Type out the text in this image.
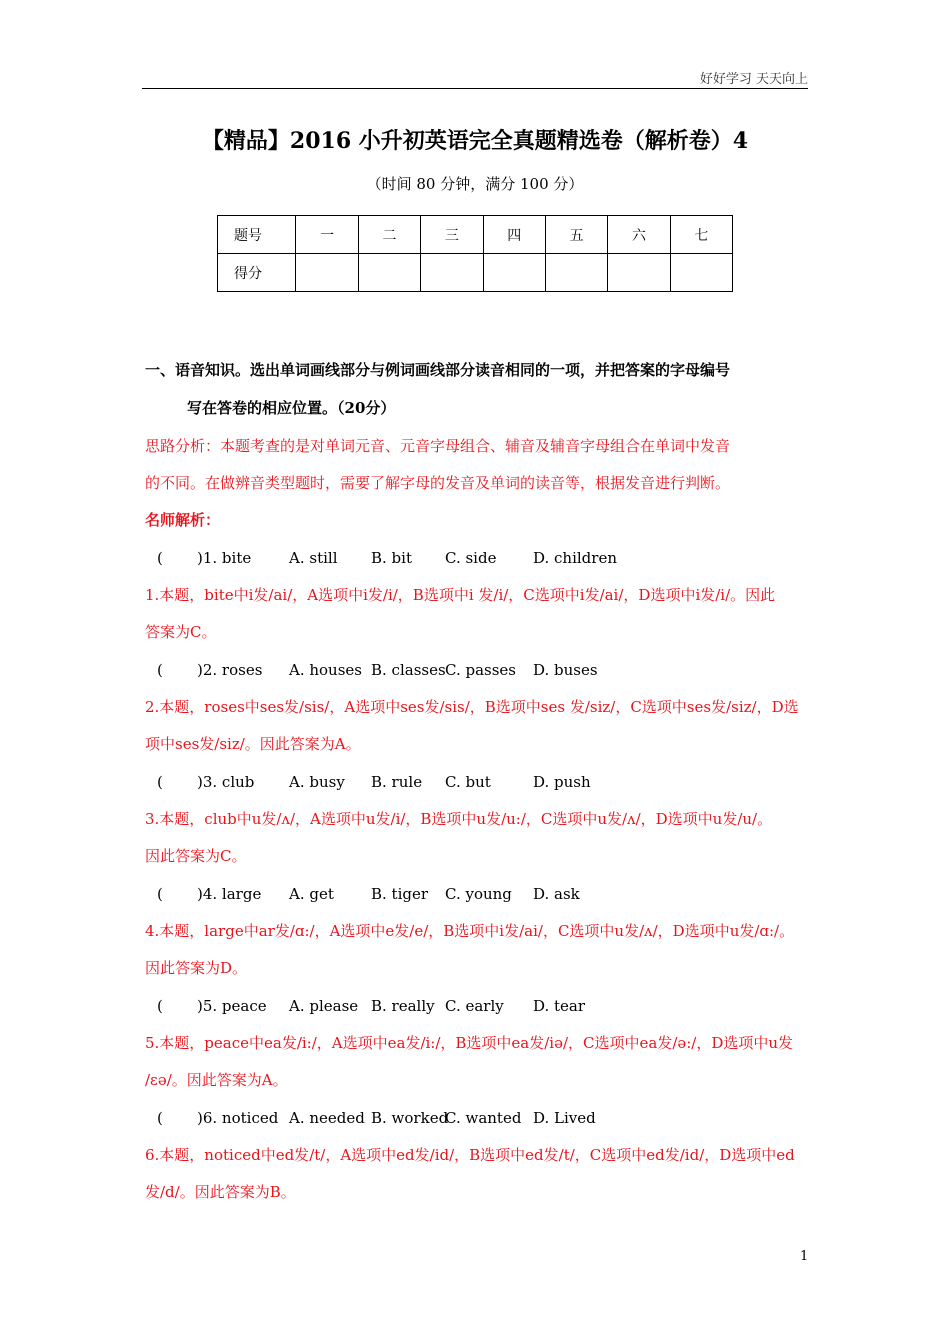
好好学习 天天向上
【精品】2016 小升初英语完全真题精选卷（解析卷）4
（时间 80 分钟，满分 100 分）
题号	一	二	三	四	五	六	七
得分							
一、语音知识。选出单词画线部分与例词画线部分读音相同的一项，并把答案的字母编号
写在答卷的相应位置。（20分）
思路分析：本题考查的是对单词元音、元音字母组合、辅音及辅音字母组合在单词中发音
的不同。在做辨音类型题时，需要了解字母的发音及单词的读音等，根据发音进行判断。
名师解析：
( )1. bite	A. still B. bit C. side D. children
1.本题，bite中i发/ai/，A选项中i发/i/，B选项中i 发/i/，C选项中i发/ai/，D选项中i发/i/。因此
答案为C。
( )2. roses A. houses B. classesC. passes D. buses
2.本题，roses中ses发/sis/，A选项中ses发/sis/，B选项中ses 发/siz/，C选项中ses发/siz/，D选
项中ses发/siz/。因此答案为A。
( )3. club A. busy B. rule C. but	D. push
3.本题，club中u发/ʌ/，A选项中u发/i/，B选项中u发/u:/，C选项中u发/ʌ/，D选项中u发/u/。
因此答案为C。
( )4. large A. get B. tiger C. young D. ask
4.本题，large中ar发/ɑ:/，A选项中e发/e/，B选项中i发/ai/，C选项中u发/ʌ/，D选项中u发/ɑ:/。
因此答案为D。
( )5. peace A. please B. really C. early D. tear
5.本题，peace中ea发/i:/，A选项中ea发/i:/，B选项中ea发/iə/，C选项中ea发/ə:/，D选项中u发
/ɛə/。因此答案为A。
( )6. noticed A. needed B. workedC. wanted D. Lived
6.本题，noticed中ed发/t/，A选项中ed发/id/，B选项中ed发/t/，C选项中ed发/id/，D选项中ed
发/d/。因此答案为B。
1
